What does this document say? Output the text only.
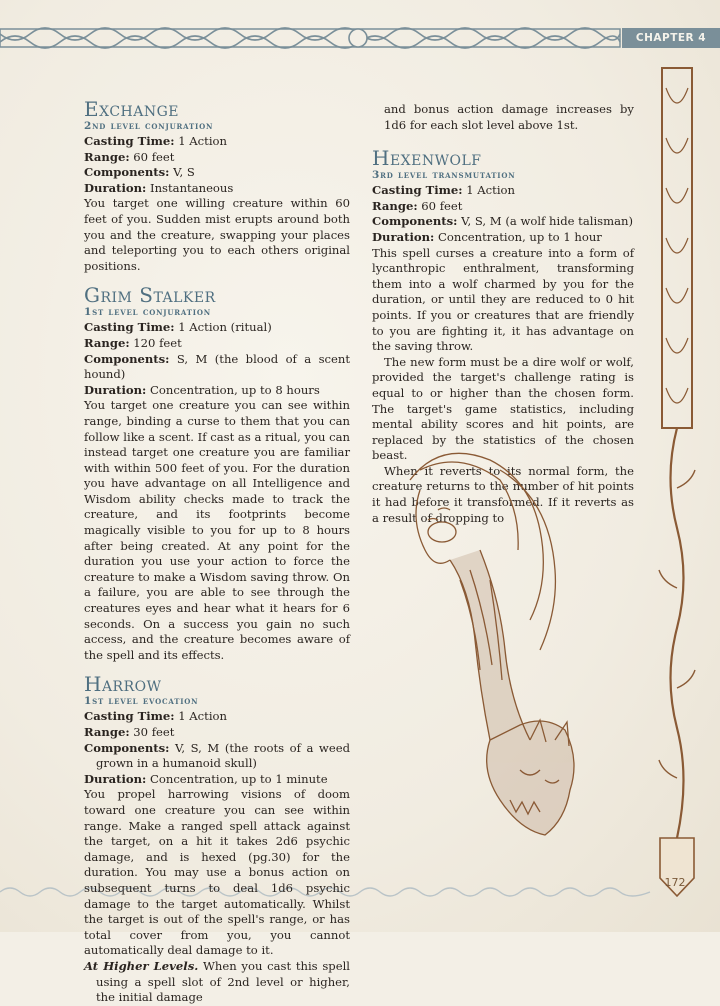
CHAPTER 4
172
Exchange
2nd level conjuration

Casting Time: 1 Action

Range: 60 feet

Components: V, S

Duration: Instantaneous

You target one willing creature within 60 feet of you. Sudden mist erupts around both you and the creature, swapping your places and teleporting you to each others original positions.

Grim Stalker
1st level conjuration

Casting Time: 1 Action (ritual)

Range: 120 feet

Components: S, M (the blood of a scent hound)

Duration: Concentration, up to 8 hours

You target one creature you can see within range, binding a curse to them that you can follow like a scent. If cast as a ritual, you can instead target one creature you are familiar with within 500 feet of you. For the duration you have advantage on all Intelligence and Wisdom ability checks made to track the creature, and its footprints become magically visible to you for up to 8 hours after being created. At any point for the duration you use your action to force the creature to make a Wisdom saving throw. On a failure, you are able to see through the creatures eyes and hear what it hears for 6 seconds. On a success you gain no such access, and the creature becomes aware of the spell and its effects.

Harrow
1st level evocation

Casting Time: 1 Action

Range: 30 feet

Components: V, S, M (the roots of a weed grown in a humanoid skull)

Duration: Concentration, up to 1 minute

You propel harrowing visions of doom toward one creature you can see within range. Make a ranged spell attack against the target, on a hit it takes 2d6 psychic damage, and is hexed (pg.30) for the duration. You may use a bonus action on subsequent turns to deal 1d6 psychic damage to the target automatically. Whilst the target is out of the spell's range, or has total cover from you, you cannot automatically deal damage to it.

At Higher Levels. When you cast this spell using a spell slot of 2nd level or higher, the initial damage

and bonus action damage increases by 1d6 for each slot level above 1st.

Hexenwolf
3rd level transmutation

Casting Time: 1 Action

Range: 60 feet

Components: V, S, M (a wolf hide talisman)

Duration: Concentration, up to 1 hour

This spell curses a creature into a form of lycanthropic enthralment, transforming them into a wolf charmed by you for the duration, or until they are reduced to 0 hit points. If you or creatures that are friendly to you are fighting it, it has advantage on the saving throw.

The new form must be a dire wolf or wolf, provided the target's challenge rating is equal to or higher than the chosen form. The target's game statistics, including mental ability scores and hit points, are replaced by the statistics of the chosen beast.

When it reverts to its normal form, the creature returns to the number of hit points it had before it transformed. If it reverts as a result of dropping to
